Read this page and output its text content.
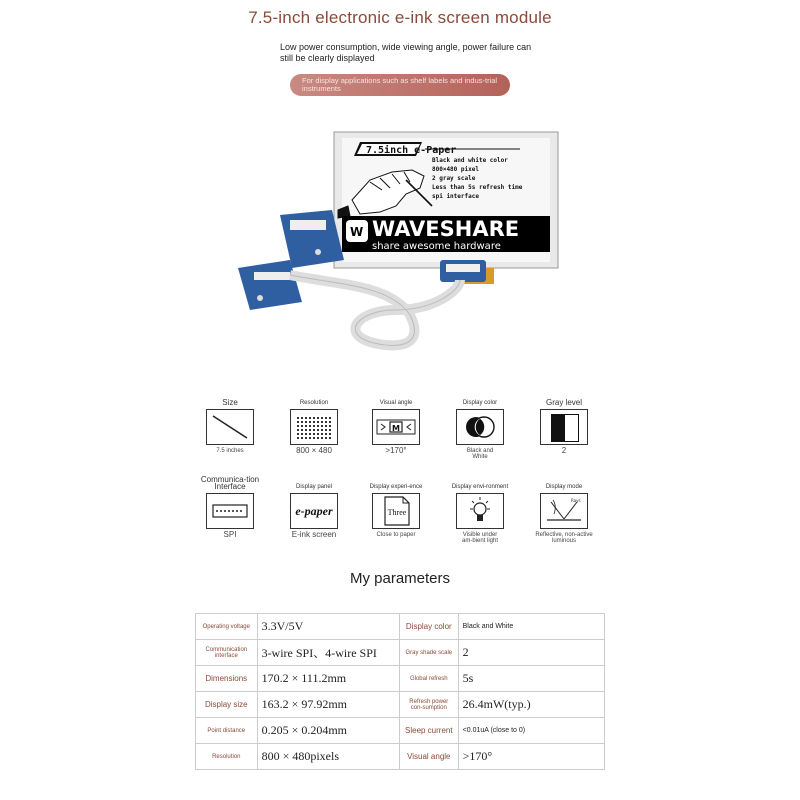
7.5-inch electronic e-ink screen module
Low power consumption, wide viewing angle, power failure can still be clearly displayed
For display applications such as shelf labels and indus-trial instruments
7.5inch e-Paper
Black and white color
800×480 pixel
2 gray scale
Less than 5s refresh time
spi interface
W WAVESHARE
share awesome hardware
Size
7.5 inches
Resolution
800 × 480
Visual angle
M
>170°
Display color
Black and White
Gray level
2
Communica-tion Interface
SPI
Display panel
e-paper
E-ink screen
Display experi-ence
Three
Close to paper
Display envi-ronment
Visible under am-bient light
Display mode
Rays
Reflective, non-active luminous
My parameters
Operating voltage	3.3V/5V	Display color	Black and White
Communication interface	3-wire SPI、4-wire SPI	Gray shade scale	2
Dimensions	170.2 × 111.2mm	Global refresh	5s
Display size	163.2 × 97.92mm	Refresh power con-sumption	26.4mW(typ.)
Point distance	0.205 × 0.204mm	Sleep current	<0.01uA (close to 0)
Resolution	800 × 480pixels	Visual angle	>170°
